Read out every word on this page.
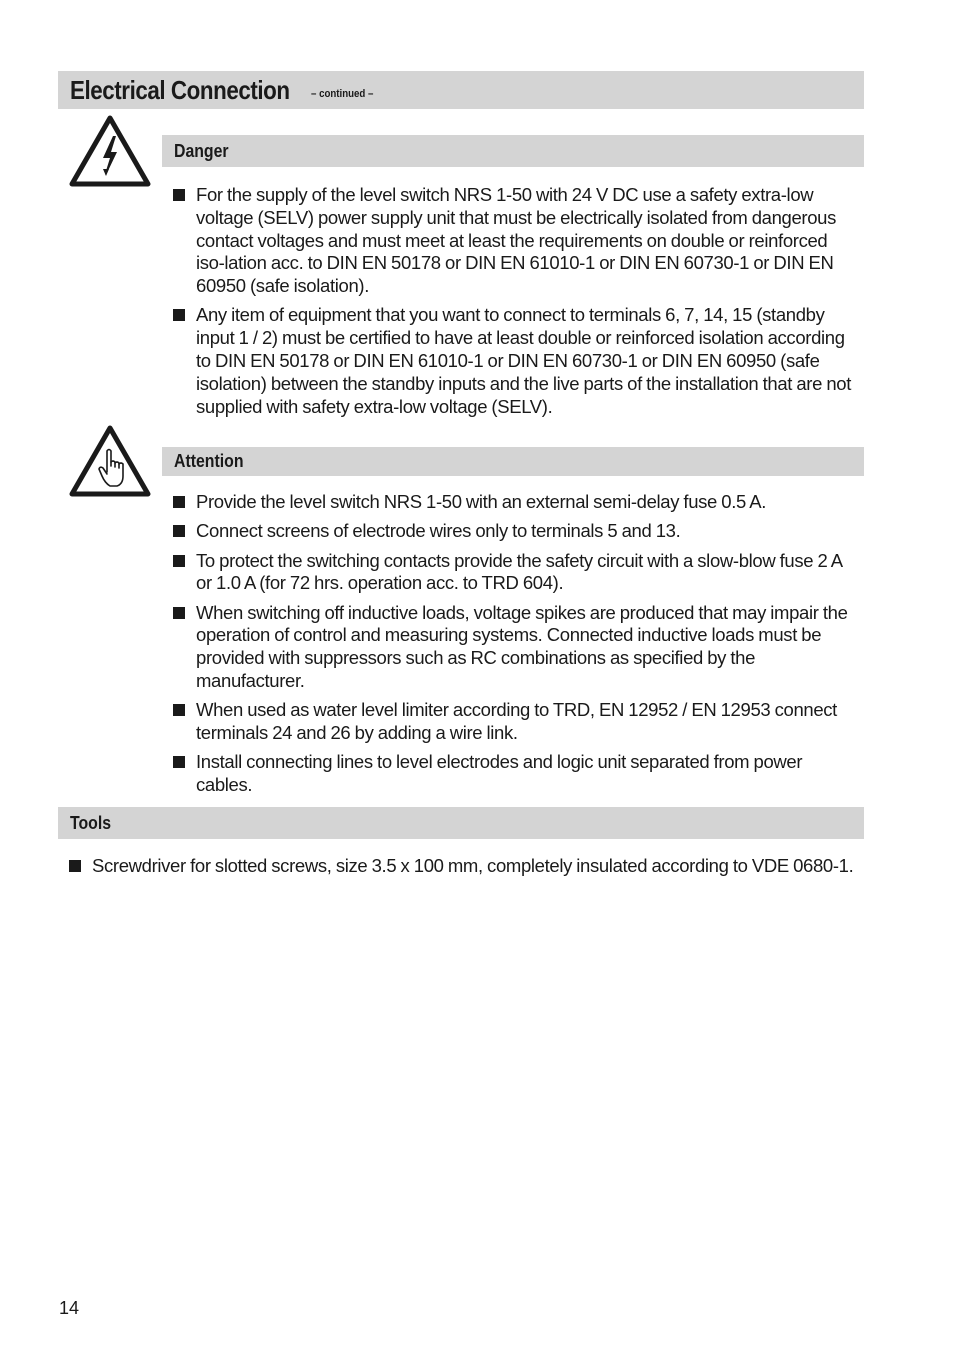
Electrical Connection – continued –
Danger
For the supply of the level switch NRS 1-50 with 24 V DC use a safety extra-low voltage (SELV) power supply unit that must be electrically isolated from dangerous contact voltages and must meet at least the requirements on double or reinforced iso-lation acc. to DIN EN 50178 or DIN EN 61010-1 or DIN EN 60730-1 or DIN EN 60950 (safe isolation).
Any item of equipment that you want to connect to terminals 6, 7, 14, 15 (standby input 1 / 2) must be certified to have at least double or reinforced isolation according to DIN EN 50178 or DIN EN 61010-1 or DIN EN 60730-1 or DIN EN 60950 (safe isolation) between the standby inputs and the live parts of the installation that are not supplied with safety extra-low voltage (SELV).
Attention
Provide the level switch NRS 1-50 with an external semi-delay fuse 0.5 A.
Connect screens of electrode wires only to terminals 5 and 13.
To protect the switching contacts provide the safety circuit with a slow-blow fuse 2 A or 1.0 A (for 72 hrs. operation acc. to TRD 604).
When switching off inductive loads, voltage spikes are produced that may impair the operation of control and measuring systems. Connected inductive loads must be provided with suppressors such as RC combinations as specified by the manufacturer.
When used as water level limiter according to TRD, EN 12952 / EN 12953 connect terminals 24 and 26 by adding a wire link.
Install connecting lines to level electrodes and logic unit separated from power cables.
Tools
Screwdriver for slotted screws, size 3.5 x 100 mm, completely insulated according to VDE 0680-1.
14
